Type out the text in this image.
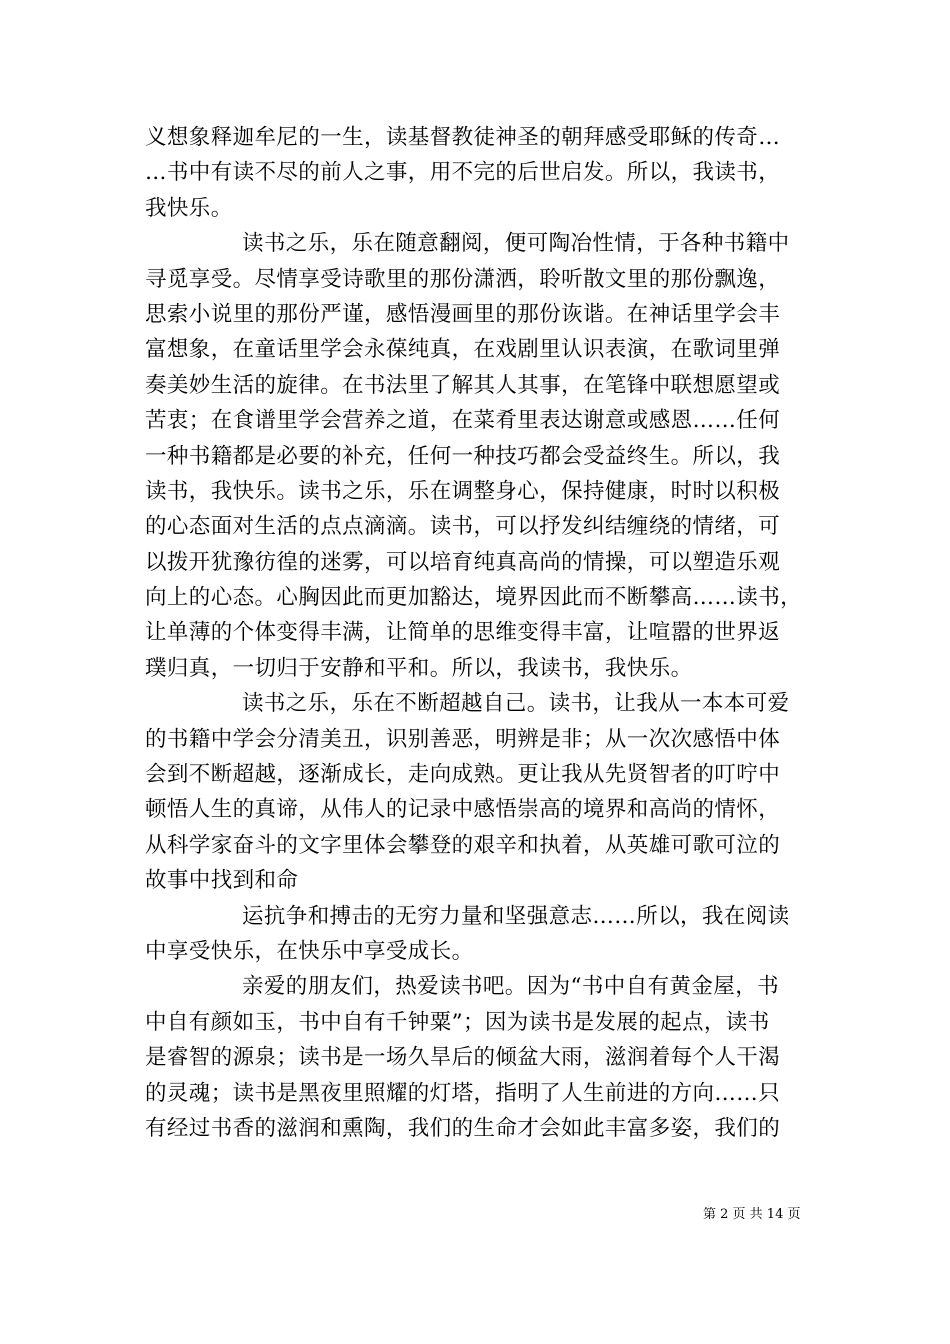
义想象释迦牟尼的一生，读基督教徒神圣的朝拜感受耶稣的传奇…
…书中有读不尽的前人之事，用不完的后世启发。所以，我读书，
我快乐。
读书之乐，乐在随意翻阅，便可陶冶性情，于各种书籍中
寻觅享受。尽情享受诗歌里的那份潇洒，聆听散文里的那份飘逸，
思索小说里的那份严谨，感悟漫画里的那份诙谐。在神话里学会丰
富想象，在童话里学会永葆纯真，在戏剧里认识表演，在歌词里弹
奏美妙生活的旋律。在书法里了解其人其事，在笔锋中联想愿望或
苦衷；在食谱里学会营养之道，在菜肴里表达谢意或感恩……任何
一种书籍都是必要的补充，任何一种技巧都会受益终生。所以，我
读书，我快乐。读书之乐，乐在调整身心，保持健康，时时以积极
的心态面对生活的点点滴滴。读书，可以抒发纠结缠绕的情绪，可
以拨开犹豫彷徨的迷雾，可以培育纯真高尚的情操，可以塑造乐观
向上的心态。心胸因此而更加豁达，境界因此而不断攀高……读书，
让单薄的个体变得丰满，让简单的思维变得丰富，让喧嚣的世界返
璞归真，一切归于安静和平和。所以，我读书，我快乐。
读书之乐，乐在不断超越自己。读书，让我从一本本可爱
的书籍中学会分清美丑，识别善恶，明辨是非；从一次次感悟中体
会到不断超越，逐渐成长，走向成熟。更让我从先贤智者的叮咛中
顿悟人生的真谛，从伟人的记录中感悟崇高的境界和高尚的情怀，
从科学家奋斗的文字里体会攀登的艰辛和执着，从英雄可歌可泣的
故事中找到和命
运抗争和搏击的无穷力量和坚强意志……所以，我在阅读
中享受快乐，在快乐中享受成长。
亲爱的朋友们，热爱读书吧。因为“书中自有黄金屋，书
中自有颜如玉，书中自有千钟粟”；因为读书是发展的起点，读书
是睿智的源泉；读书是一场久旱后的倾盆大雨，滋润着每个人干渴
的灵魂；读书是黑夜里照耀的灯塔，指明了人生前进的方向……只
有经过书香的滋润和熏陶，我们的生命才会如此丰富多姿，我们的
第 2 页 共 14 页
